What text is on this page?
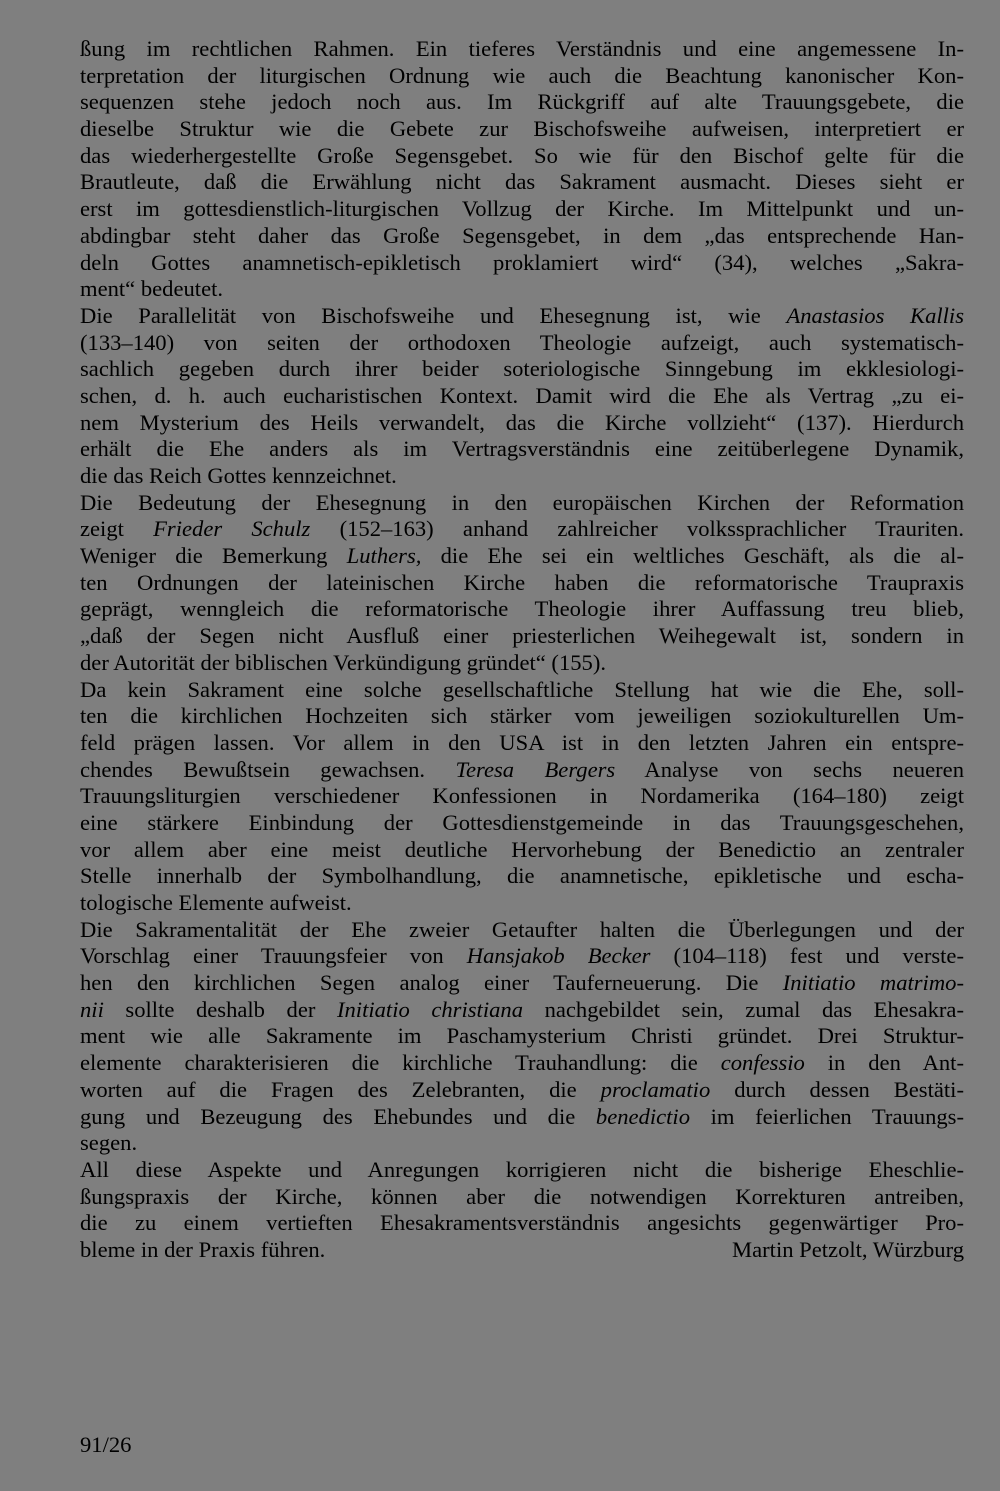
ßung im rechtlichen Rahmen. Ein tieferes Verständnis und eine angemessene In-
terpretation der liturgischen Ordnung wie auch die Beachtung kanonischer Kon-
sequenzen stehe jedoch noch aus. Im Rückgriff auf alte Trauungsgebete, die
dieselbe Struktur wie die Gebete zur Bischofsweihe aufweisen, interpretiert er
das wiederhergestellte Große Segensgebet. So wie für den Bischof gelte für die
Brautleute, daß die Erwählung nicht das Sakrament ausmacht. Dieses sieht er
erst im gottesdienstlich-liturgischen Vollzug der Kirche. Im Mittelpunkt und un-
abdingbar steht daher das Große Segensgebet, in dem „das entsprechende Han-
deln Gottes anamnetisch-epikletisch proklamiert wird“ (34), welches „Sakra-
ment“ bedeutet.
Die Parallelität von Bischofsweihe und Ehesegnung ist, wie Anastasios Kallis
(133–140) von seiten der orthodoxen Theologie aufzeigt, auch systematisch-
sachlich gegeben durch ihrer beider soteriologische Sinngebung im ekklesiologi-
schen, d. h. auch eucharistischen Kontext. Damit wird die Ehe als Vertrag „zu ei-
nem Mysterium des Heils verwandelt, das die Kirche vollzieht“ (137). Hierdurch
erhält die Ehe anders als im Vertragsverständnis eine zeitüberlegene Dynamik,
die das Reich Gottes kennzeichnet.
Die Bedeutung der Ehesegnung in den europäischen Kirchen der Reformation
zeigt Frieder Schulz (152–163) anhand zahlreicher volkssprachlicher Trauriten.
Weniger die Bemerkung Luthers, die Ehe sei ein weltliches Geschäft, als die al-
ten Ordnungen der lateinischen Kirche haben die reformatorische Traupraxis
geprägt, wenngleich die reformatorische Theologie ihrer Auffassung treu blieb,
„daß der Segen nicht Ausfluß einer priesterlichen Weihegewalt ist, sondern in
der Autorität der biblischen Verkündigung gründet“ (155).
Da kein Sakrament eine solche gesellschaftliche Stellung hat wie die Ehe, soll-
ten die kirchlichen Hochzeiten sich stärker vom jeweiligen soziokulturellen Um-
feld prägen lassen. Vor allem in den USA ist in den letzten Jahren ein entspre-
chendes Bewußtsein gewachsen. Teresa Bergers Analyse von sechs neueren
Trauungsliturgien verschiedener Konfessionen in Nordamerika (164–180) zeigt
eine stärkere Einbindung der Gottesdienstgemeinde in das Trauungsgeschehen,
vor allem aber eine meist deutliche Hervorhebung der Benedictio an zentraler
Stelle innerhalb der Symbolhandlung, die anamnetische, epikletische und escha-
tologische Elemente aufweist.
Die Sakramentalität der Ehe zweier Getaufter halten die Überlegungen und der
Vorschlag einer Trauungsfeier von Hansjakob Becker (104–118) fest und verste-
hen den kirchlichen Segen analog einer Tauferneuerung. Die Initiatio matrimo-
nii sollte deshalb der Initiatio christiana nachgebildet sein, zumal das Ehesakra-
ment wie alle Sakramente im Paschamysterium Christi gründet. Drei Struktur-
elemente charakterisieren die kirchliche Trauhandlung: die confessio in den Ant-
worten auf die Fragen des Zelebranten, die proclamatio durch dessen Bestäti-
gung und Bezeugung des Ehebundes und die benedictio im feierlichen Trauungs-
segen.
All diese Aspekte und Anregungen korrigieren nicht die bisherige Eheschlie-
ßungspraxis der Kirche, können aber die notwendigen Korrekturen antreiben,
die zu einem vertieften Ehesakramentsverständnis angesichts gegenwärtiger Pro-
bleme in der Praxis führen.	Martin Petzolt, Würzburg
91/26
